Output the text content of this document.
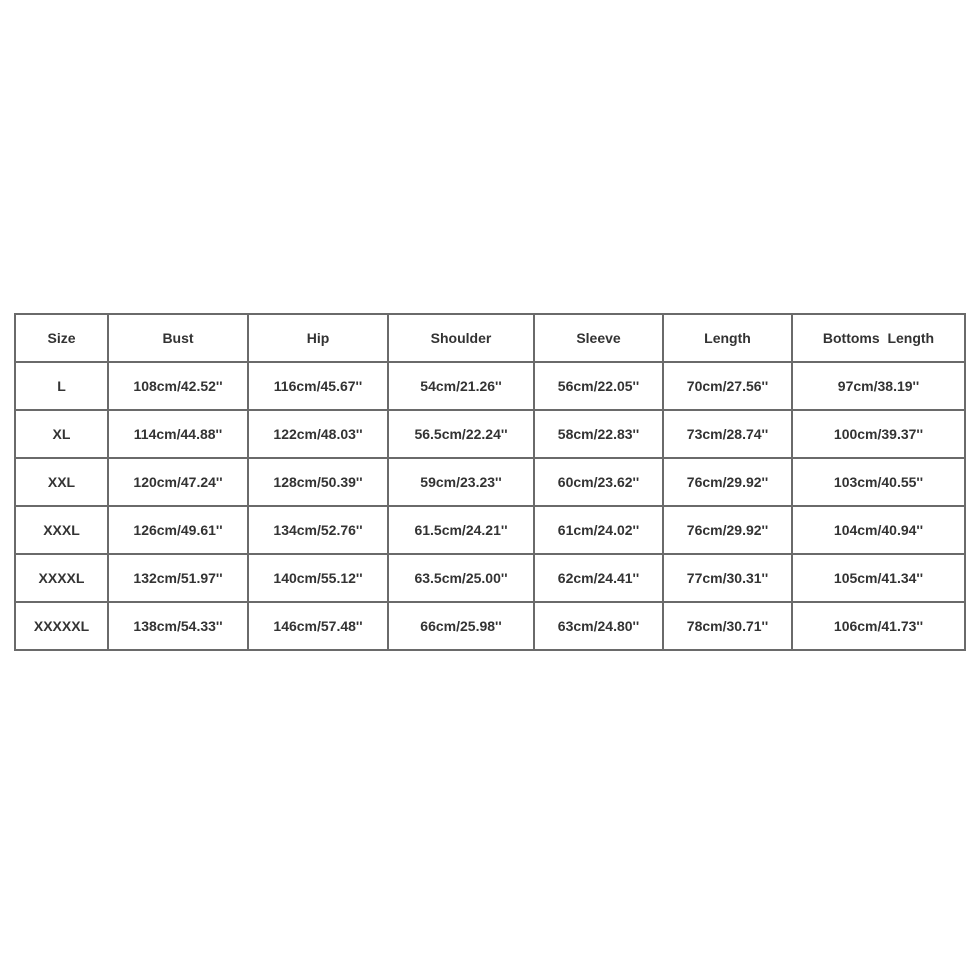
Size	Bust	Hip	Shoulder	Sleeve	Length	Bottoms  Length
L	108cm/42.52''	116cm/45.67''	54cm/21.26''	56cm/22.05''	70cm/27.56''	97cm/38.19''
XL	114cm/44.88''	122cm/48.03''	56.5cm/22.24''	58cm/22.83''	73cm/28.74''	100cm/39.37''
XXL	120cm/47.24''	128cm/50.39''	59cm/23.23''	60cm/23.62''	76cm/29.92''	103cm/40.55''
XXXL	126cm/49.61''	134cm/52.76''	61.5cm/24.21''	61cm/24.02''	76cm/29.92''	104cm/40.94''
XXXXL	132cm/51.97''	140cm/55.12''	63.5cm/25.00''	62cm/24.41''	77cm/30.31''	105cm/41.34''
XXXXXL	138cm/54.33''	146cm/57.48''	66cm/25.98''	63cm/24.80''	78cm/30.71''	106cm/41.73''
